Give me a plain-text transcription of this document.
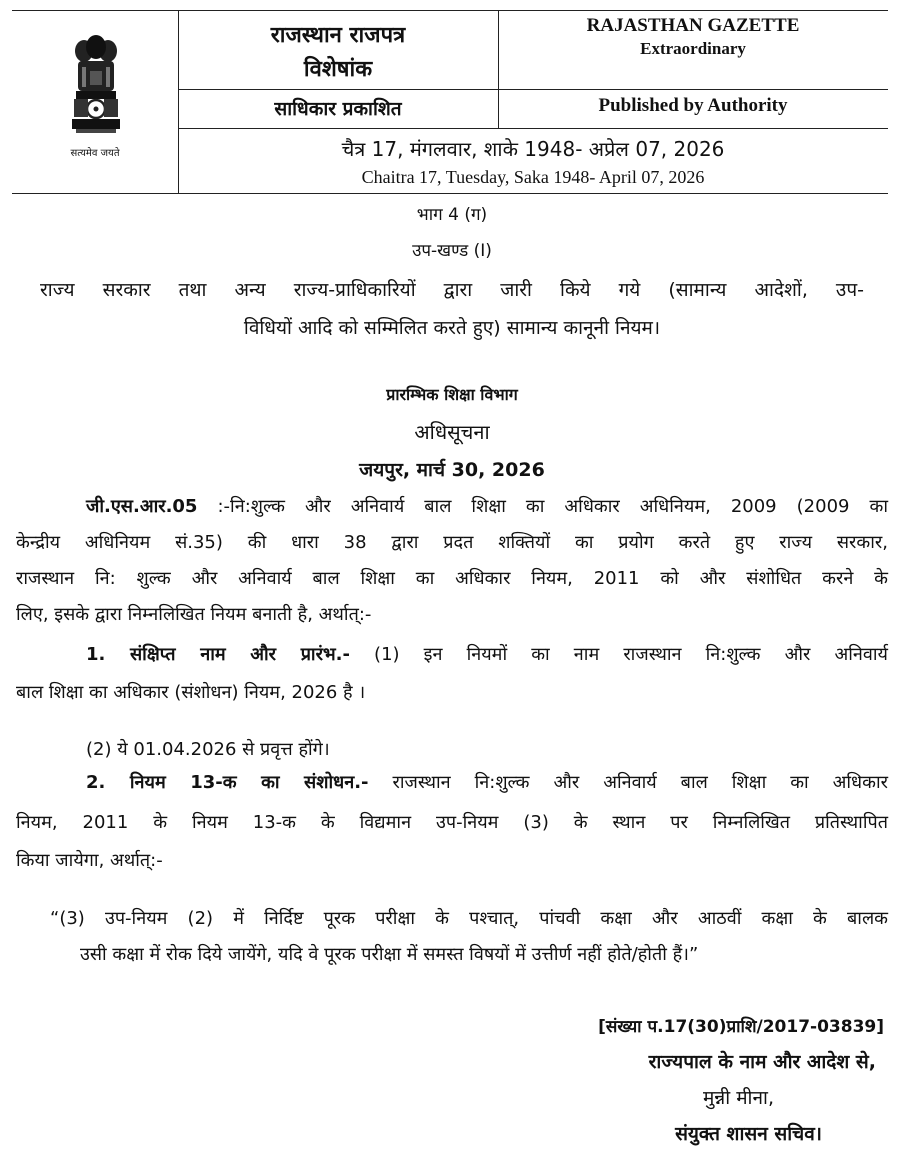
सत्यमेव जयते
राजस्थान राजपत्र
विशेषांक
RAJASTHAN GAZETTE
Extraordinary
साधिकार प्रकाशित	Published by Authority
चैत्र 17, मंगलवार, शाके 1948- अप्रेल 07, 2026
Chaitra 17, Tuesday, Saka 1948- April 07, 2026
भाग 4 (ग)
उप-खण्ड (I)
राज्य सरकार तथा अन्य राज्य-प्राधिकारियों द्वारा जारी किये गये (सामान्य आदेशों, उप-
विधियों आदि को सम्मिलित करते हुए) सामान्य कानूनी नियम।
प्रारम्भिक शिक्षा विभाग
अधिसूचना
जयपुर, मार्च 30, 2026
जी.एस.आर.05 :-नि:शुल्क और अनिवार्य बाल शिक्षा का अधिकार अधिनियम, 2009 (2009 का
केन्द्रीय अधिनियम सं.35) की धारा 38 द्वारा प्रदत शक्तियों का प्रयोग करते हुए राज्य सरकार,
राजस्थान नि: शुल्क और अनिवार्य बाल शिक्षा का अधिकार नियम, 2011 को और संशोधित करने के
लिए, इसके द्वारा निम्नलिखित नियम बनाती है, अर्थात्:-
1. संक्षिप्त नाम और प्रारंभ.- (1) इन नियमों का नाम राजस्थान नि:शुल्क और अनिवार्य
बाल शिक्षा का अधिकार (संशोधन) नियम, 2026 है ।
(2) ये 01.04.2026 से प्रवृत्त होंगे।
2. नियम 13-क का संशोधन.- राजस्थान नि:शुल्क और अनिवार्य बाल शिक्षा का अधिकार
नियम, 2011 के नियम 13-क के विद्यमान उप-नियम (3) के स्थान पर निम्नलिखित प्रतिस्थापित
किया जायेगा, अर्थात्:-
“(3) उप-नियम (2) में निर्दिष्ट पूरक परीक्षा के पश्चात्, पांचवी कक्षा और आठवीं कक्षा के बालक
उसी कक्षा में रोक दिये जायेंगे, यदि वे पूरक परीक्षा में समस्त विषयों में उत्तीर्ण नहीं होते/होती हैं।”
[संख्या प.17(30)प्राशि/2017-03839]
राज्यपाल के नाम और आदेश से,
मुन्नी मीना,
संयुक्त शासन सचिव।
